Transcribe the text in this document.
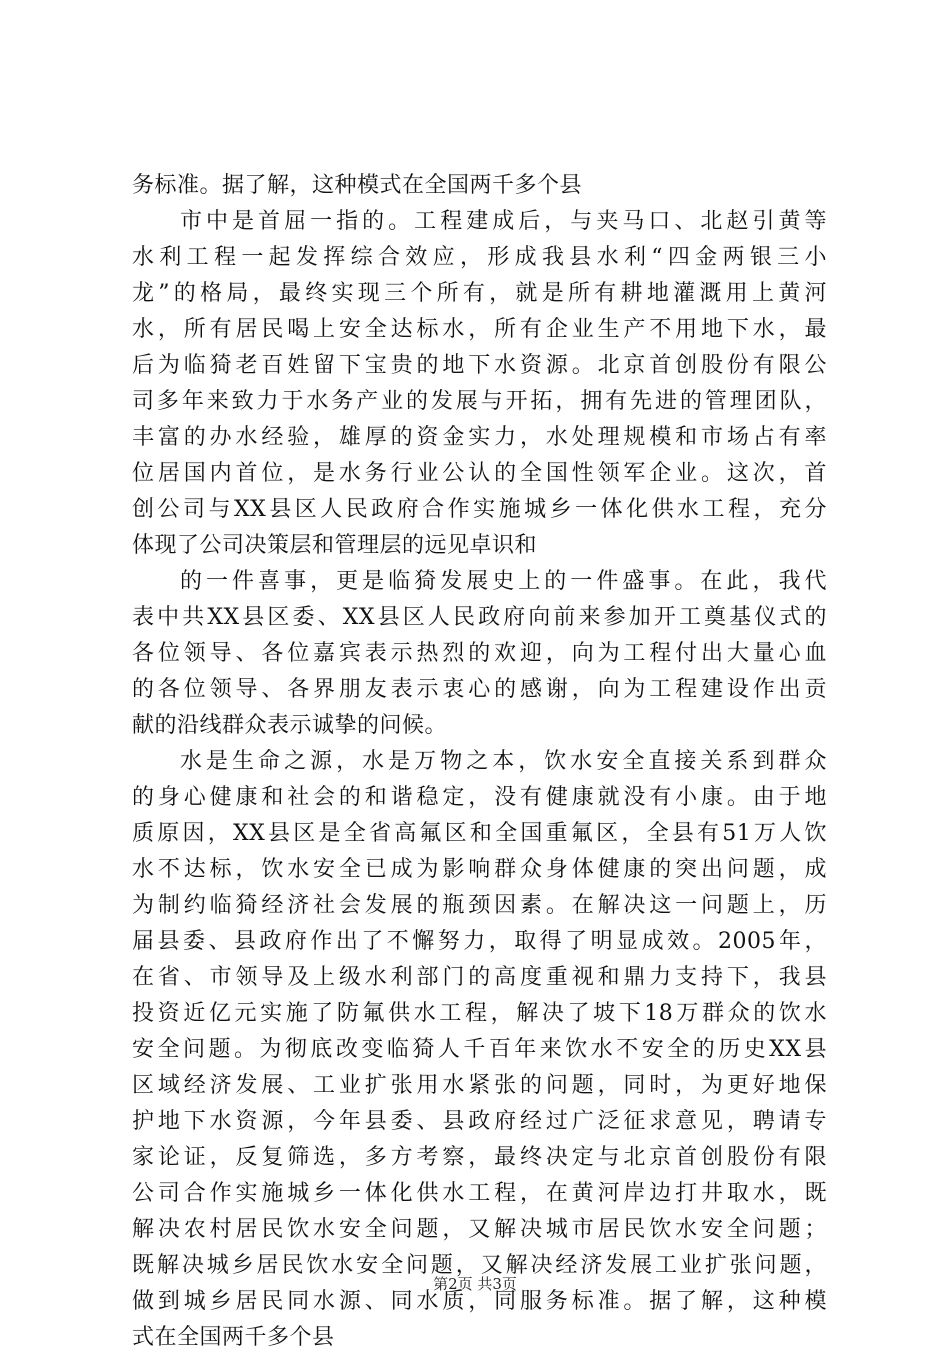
务标准。据了解，这种模式在全国两千多个县
市中是首屈一指的。工程建成后，与夹马口、北赵引黄等
水利工程一起发挥综合效应，形成我县水利“四金两银三小
龙”的格局，最终实现三个所有，就是所有耕地灌溉用上黄河
水，所有居民喝上安全达标水，所有企业生产不用地下水，最
后为临猗老百姓留下宝贵的地下水资源。北京首创股份有限公
司多年来致力于水务产业的发展与开拓，拥有先进的管理团队，
丰富的办水经验，雄厚的资金实力，水处理规模和市场占有率
位居国内首位，是水务行业公认的全国性领军企业。这次，首
创公司与XX县区人民政府合作实施城乡一体化供水工程，充分
体现了公司决策层和管理层的远见卓识和
的一件喜事，更是临猗发展史上的一件盛事。在此，我代
表中共XX县区委、XX县区人民政府向前来参加开工奠基仪式的
各位领导、各位嘉宾表示热烈的欢迎，向为工程付出大量心血
的各位领导、各界朋友表示衷心的感谢，向为工程建设作出贡
献的沿线群众表示诚挚的问候。
水是生命之源，水是万物之本，饮水安全直接关系到群众
的身心健康和社会的和谐稳定，没有健康就没有小康。由于地
质原因，XX县区是全省高氟区和全国重氟区，全县有51万人饮
水不达标，饮水安全已成为影响群众身体健康的突出问题，成
为制约临猗经济社会发展的瓶颈因素。在解决这一问题上，历
届县委、县政府作出了不懈努力，取得了明显成效。2005年，
在省、市领导及上级水利部门的高度重视和鼎力支持下，我县
投资近亿元实施了防氟供水工程，解决了坡下18万群众的饮水
安全问题。为彻底改变临猗人千百年来饮水不安全的历史XX县
区域经济发展、工业扩张用水紧张的问题，同时，为更好地保
护地下水资源，今年县委、县政府经过广泛征求意见，聘请专
家论证，反复筛选，多方考察，最终决定与北京首创股份有限
公司合作实施城乡一体化供水工程，在黄河岸边打井取水，既
解决农村居民饮水安全问题，又解决城市居民饮水安全问题；
既解决城乡居民饮水安全问题，又解决经济发展工业扩张问题，
做到城乡居民同水源、同水质，同服务标准。据了解，这种模
式在全国两千多个县
第2页 共3页
